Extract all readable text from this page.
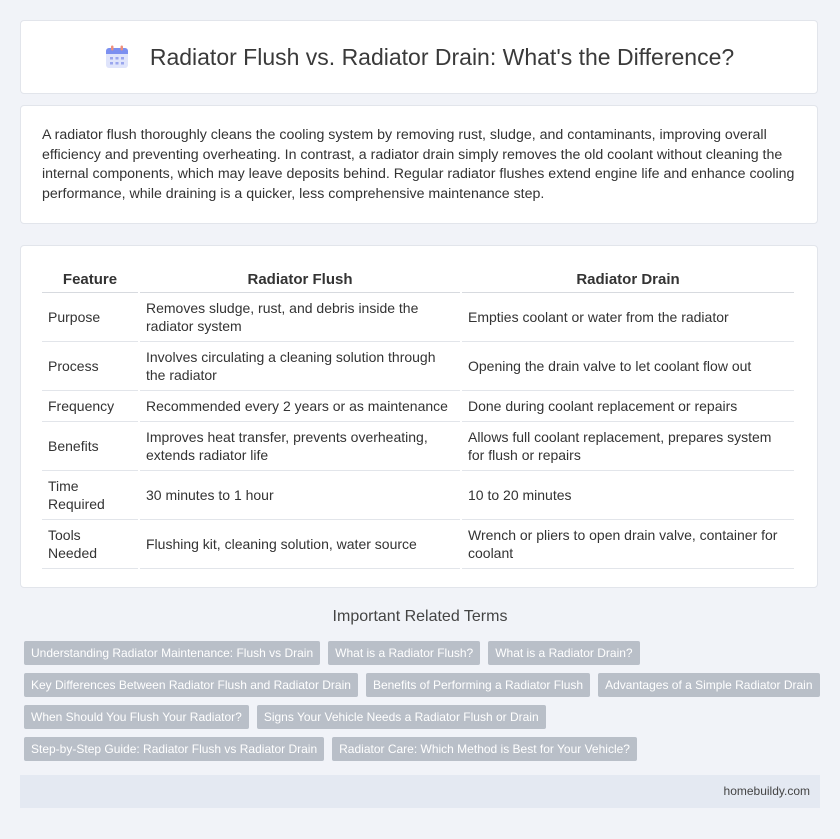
Radiator Flush vs. Radiator Drain: What's the Difference?

A radiator flush thoroughly cleans the cooling system by removing rust, sludge, and contaminants, improving overall efficiency and preventing overheating. In contrast, a radiator drain simply removes the old coolant without cleaning the internal components, which may leave deposits behind. Regular radiator flushes extend engine life and enhance cooling performance, while draining is a quicker, less comprehensive maintenance step.

Feature	Radiator Flush	Radiator Drain
Purpose	Removes sludge, rust, and debris inside the radiator system	Empties coolant or water from the radiator
Process	Involves circulating a cleaning solution through the radiator	Opening the drain valve to let coolant flow out
Frequency	Recommended every 2 years or as maintenance	Done during coolant replacement or repairs
Benefits	Improves heat transfer, prevents overheating, extends radiator life	Allows full coolant replacement, prepares system for flush or repairs
Time Required	30 minutes to 1 hour	10 to 20 minutes
Tools Needed	Flushing kit, cleaning solution, water source	Wrench or pliers to open drain valve, container for coolant
Important Related Terms
Understanding Radiator Maintenance: Flush vs Drain	What is a Radiator Flush?	What is a Radiator Drain?
Key Differences Between Radiator Flush and Radiator Drain	Benefits of Performing a Radiator Flush	Advantages of a Simple Radiator Drain
When Should You Flush Your Radiator?	Signs Your Vehicle Needs a Radiator Flush or Drain
Step-by-Step Guide: Radiator Flush vs Radiator Drain	Radiator Care: Which Method is Best for Your Vehicle?
homebuildy.com
